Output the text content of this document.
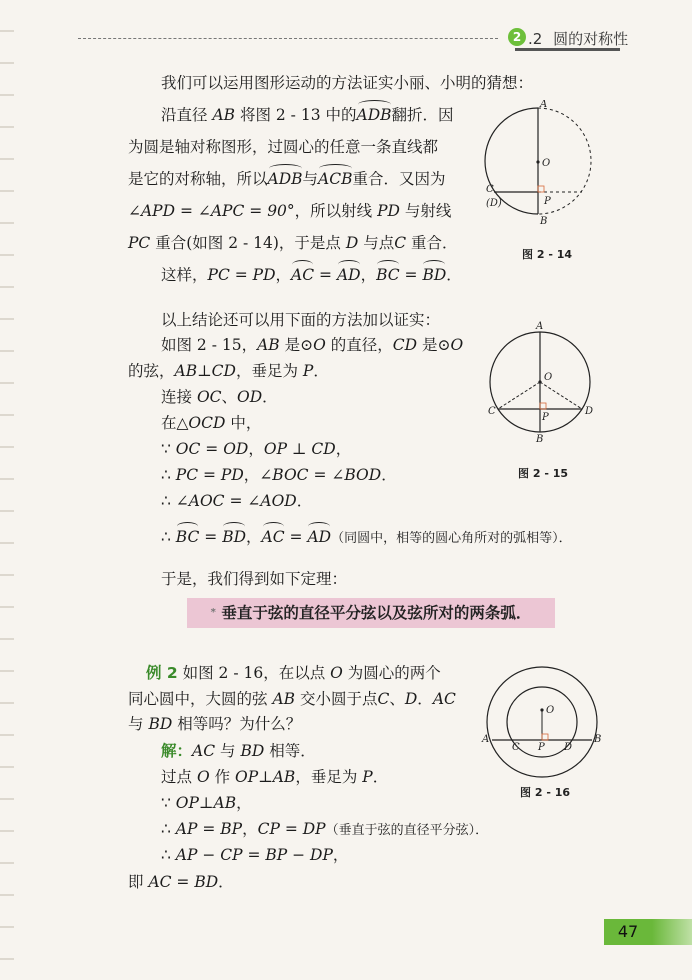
2 .2 圆的对称性
我们可以运用图形运动的方法证实小丽、小明的猜想：
沿直径 AB 将图 2 - 13 中的ADB翻折．因
为圆是轴对称图形，过圆心的任意一条直线都
是它的对称轴，所以ADB与ACB重合．又因为
∠APD = ∠APC = 90°，所以射线 PD 与射线
PC 重合(如图 2 - 14)，于是点 D 与点C 重合．
这样，PC = PD，AC = AD，BC = BD．
A
O
C
(D)	P
B
图 2 - 14
以上结论还可以用下面的方法加以证实：
如图 2 - 15，AB 是⊙O 的直径，CD 是⊙O
的弦，AB⊥CD，垂足为 P．
连接 OC、OD．
在△OCD 中，
∵ OC = OD，OP ⊥ CD，
∴ PC = PD，∠BOC = ∠BOD．
∴ ∠AOC = ∠AOD．
∴ BC = BD，AC = AD（同圆中，相等的圆心角所对的弧相等）．
A
O
C	D
P
B
图 2 - 15
于是，我们得到如下定理：
* 垂直于弦的直径平分弦以及弦所对的两条弧．
例 2 如图 2 - 16，在以点 O 为圆心的两个
同心圆中，大圆的弦 AB 交小圆于点C、D．AC
与 BD 相等吗？为什么？
解：AC 与 BD 相等．
过点 O 作 OP⊥AB，垂足为 P．
∵ OP⊥AB，
∴ AP = BP，CP = DP（垂直于弦的直径平分弦）．
∴ AP − CP = BP − DP，
即 AC = BD．
O
A
C P D
B
图 2 - 16
47
